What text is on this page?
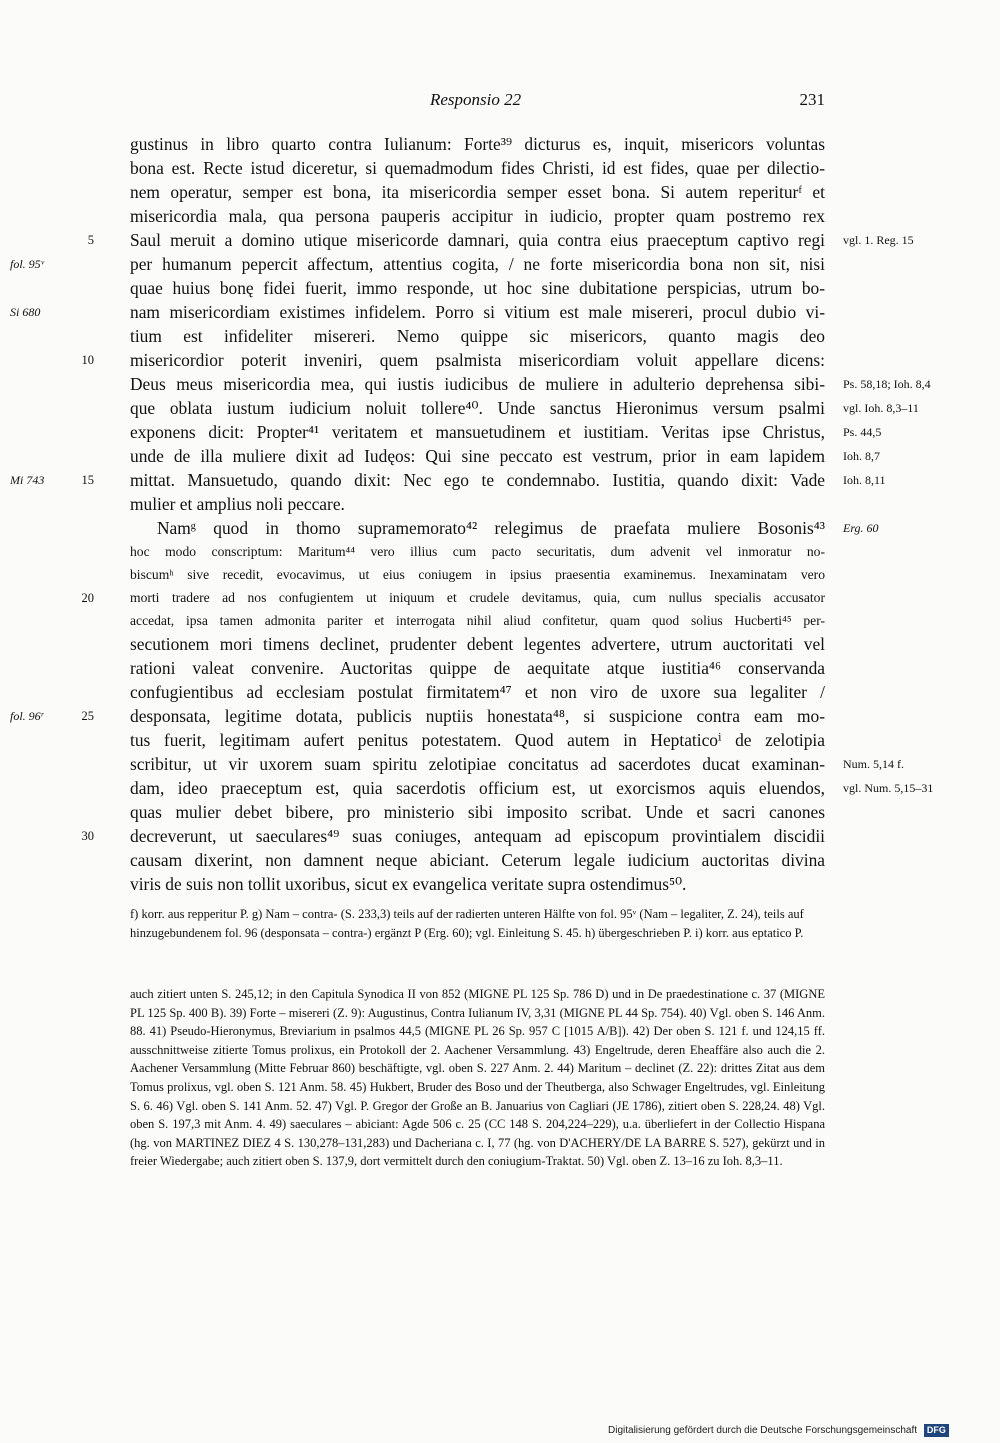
Responsio 22	231
gustinus in libro quarto contra Iulianum: Forte³⁹ dicturus es, inquit, misericors voluntas
bona est. Recte istud diceretur, si quemadmodum fides Christi, id est fides, quae per dilectio-
nem operatur, semper est bona, ita misericordia semper esset bona. Si autem reperiturᶠ et
misericordia mala, qua persona pauperis accipitur in iudicio, propter quam postremo rex
Saul meruit a domino utique misericorde damnari, quia contra eius praeceptum captivo regi
per humanum pepercit affectum, attentius cogita, / ne forte misericordia bona non sit, nisi
quae huius bonę fidei fuerit, immo responde, ut hoc sine dubitatione perspicias, utrum bo-
nam misericordiam existimes infidelem. Porro si vitium est male misereri, procul dubio vi-
tium est infideliter misereri. Nemo quippe sic misericors, quanto magis deo
misericordior poterit inveniri, quem psalmista misericordiam voluit appellare dicens:
Deus meus misericordia mea, qui iustis iudicibus de muliere in adulterio deprehensa sibi-
que oblata iustum iudicium noluit tollere⁴⁰. Unde sanctus Hieronimus versum psalmi
exponens dicit: Propter⁴¹ veritatem et mansuetudinem et iustitiam. Veritas ipse Christus,
unde de illa muliere dixit ad Iudęos: Qui sine peccato est vestrum, prior in eam lapidem
mittat. Mansuetudo, quando dixit: Nec ego te condemnabo. Iustitia, quando dixit: Vade
mulier et amplius noli peccare.
Namᵍ quod in thomo supramemorato⁴² relegimus de praefata muliere Bosonis⁴³
hoc modo conscriptum: Maritum⁴⁴ vero illius cum pacto securitatis, dum advenit vel inmoratur no-
biscumʰ sive recedit, evocavimus, ut eius coniugem in ipsius praesentia examinemus. Inexaminatam vero
morti tradere ad nos confugientem ut iniquum et crudele devitamus, quia, cum nullus specialis accusator
accedat, ipsa tamen admonita pariter et interrogata nihil aliud confitetur, quam quod solius Hucberti⁴⁵ per-
secutionem mori timens declinet, prudenter debent legentes advertere, utrum auctoritati vel
rationi valeat convenire. Auctoritas quippe de aequitate atque iustitia⁴⁶ conservanda
confugientibus ad ecclesiam postulat firmitatem⁴⁷ et non viro de uxore sua legaliter /
desponsata, legitime dotata, publicis nuptiis honestata⁴⁸, si suspicione contra eam mo-
tus fuerit, legitimam aufert penitus potestatem. Quod autem in Heptaticoⁱ de zelotipia
scribitur, ut vir uxorem suam spiritu zelotipiae concitatus ad sacerdotes ducat examinan-
dam, ideo praeceptum est, quia sacerdotis officium est, ut exorcismos aquis eluendos,
quas mulier debet bibere, pro ministerio sibi imposito scribat. Unde et sacri canones
decreverunt, ut saeculares⁴⁹ suas coniuges, antequam ad episcopum provintialem discidii
causam dixerint, non damnent neque abiciant. Ceterum legale iudicium auctoritas divina
viris de suis non tollit uxoribus, sicut ex evangelica veritate supra ostendimus⁵⁰.
5
10
15
20
25
30
fol. 95ᵛ
Si 680
Mi 743
fol. 96ʳ
vgl. 1. Reg. 15
Ps. 58,18; Ioh. 8,4
vgl. Ioh. 8,3–11
Ps. 44,5
Ioh. 8,7
Ioh. 8,11
Erg. 60
Num. 5,14 f.
vgl. Num. 5,15–31

f) korr. aus repperitur P. g) Nam – contra- (S. 233,3) teils auf der radierten unteren Hälfte von fol. 95ᵛ (Nam – legaliter, Z. 24), teils auf hinzugebundenem fol. 96 (desponsata – contra-) ergänzt P (Erg. 60); vgl. Einleitung S. 45. h) übergeschrieben P. i) korr. aus eptatico P.

auch zitiert unten S. 245,12; in den Capitula Synodica II von 852 (MIGNE PL 125 Sp. 786 D) und in De praedestinatione c. 37 (MIGNE PL 125 Sp. 400 B). 39) Forte – misereri (Z. 9): Augustinus, Contra Iulianum IV, 3,31 (MIGNE PL 44 Sp. 754). 40) Vgl. oben S. 146 Anm. 88. 41) Pseudo-Hieronymus, Breviarium in psalmos 44,5 (MIGNE PL 26 Sp. 957 C [1015 A/B]). 42) Der oben S. 121 f. und 124,15 ff. ausschnittweise zitierte Tomus prolixus, ein Protokoll der 2. Aachener Versammlung. 43) Engeltrude, deren Eheaffäre also auch die 2. Aachener Versammlung (Mitte Februar 860) beschäftigte, vgl. oben S. 227 Anm. 2. 44) Maritum – declinet (Z. 22): drittes Zitat aus dem Tomus prolixus, vgl. oben S. 121 Anm. 58. 45) Hukbert, Bruder des Boso und der Theutberga, also Schwager Engeltrudes, vgl. Einleitung S. 6. 46) Vgl. oben S. 141 Anm. 52. 47) Vgl. P. Gregor der Große an B. Januarius von Cagliari (JE 1786), zitiert oben S. 228,24. 48) Vgl. oben S. 197,3 mit Anm. 4. 49) saeculares – abiciant: Agde 506 c. 25 (CC 148 S. 204,224–229), u.a. überliefert in der Collectio Hispana (hg. von MARTINEZ DIEZ 4 S. 130,278–131,283) und Dacheriana c. I, 77 (hg. von D'ACHERY/DE LA BARRE S. 527), gekürzt und in freier Wiedergabe; auch zitiert oben S. 137,9, dort vermittelt durch den coniugium-Traktat. 50) Vgl. oben Z. 13–16 zu Ioh. 8,3–11.

Digitalisierung gefördert durch die Deutsche Forschungsgemeinschaft DFG
